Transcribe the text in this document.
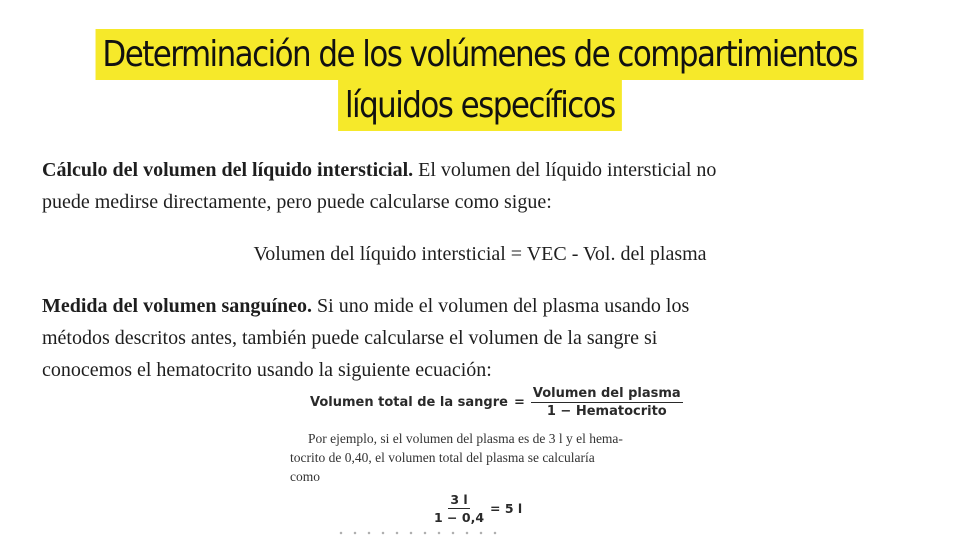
Determinación de los volúmenes de compartimientos
líquidos específicos
Cálculo del volumen del líquido intersticial. El volumen del líquido intersticial no
puede medirse directamente, pero puede calcularse como sigue:
Volumen del líquido intersticial = VEC - Vol. del plasma
Medida del volumen sanguíneo. Si uno mide el volumen del plasma usando los
métodos descritos antes, también puede calcularse el volumen de la sangre si
conocemos el hematocrito usando la siguiente ecuación:
Volumen total de la sangre = $\frac{\text{Volumen del plasma}}{\text{1 − Hematocrito}}$
Por ejemplo, si el volumen del plasma es de 3 l y el hema-
tocrito de 0,40, el volumen total del plasma se calcularía
como
$\frac{3 l}{1 - 0,4} = 5$ l
